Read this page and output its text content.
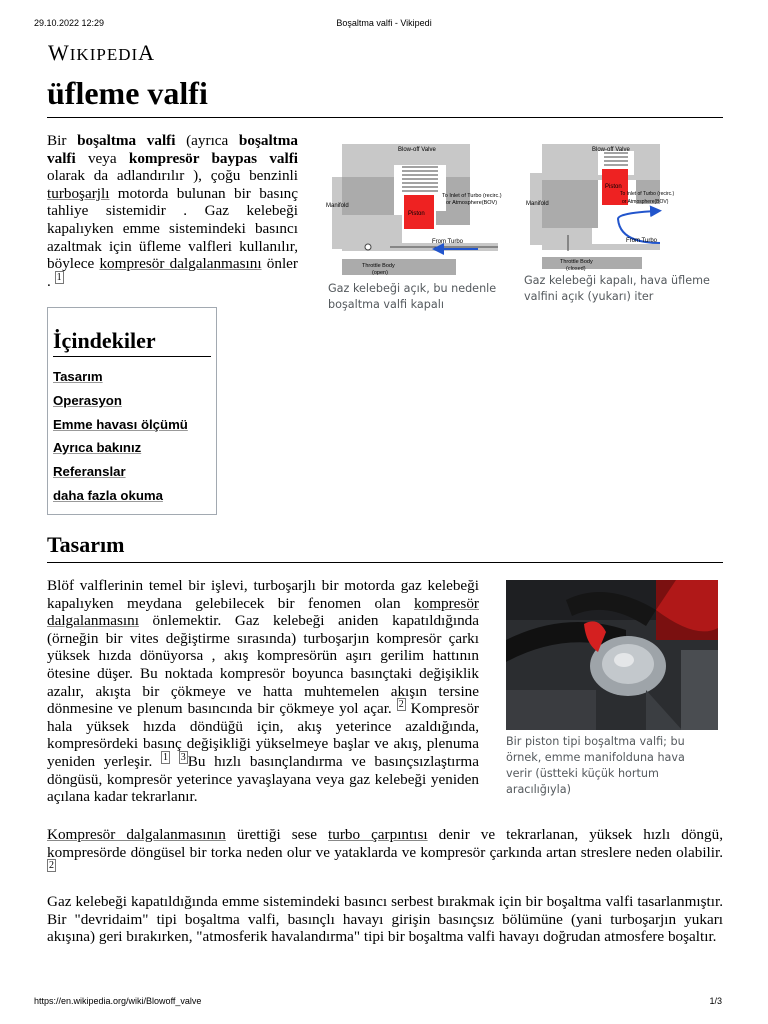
29.10.2022 12:29	Boşaltma valfi - Vikipedi
https://en.wikipedia.org/wiki/Blowoff_valve	1/3
WIKIPEDIA
üfleme valfi

Bir boşaltma valfi (ayrıca boşaltma valfi veya kompresör baypas valfi olarak da adlandırılır ), çoğu benzinli turboşarjlı motorda bulunan bir basınç tahliye sistemidir . Gaz kelebeği kapalıyken emme sistemindeki basıncı azaltmak için üfleme valfleri kullanılır, böylece kompresör dalgalanmasını önler . $^1$

Blow-off Valve
Manifold
Piston
To Inlet of Turbo (recirc.)
or Atmosphere(BOV)
From Turbo
Throttle Body
(open)
Gaz kelebeği açık, bu nedenle boşaltma valfi kapalı
Blow-off Valve
Manifold
Piston
To Inlet of Turbo (recirc.)
or Atmosphere(BOV)
From Turbo
Throttle Body
(closed)
Gaz kelebeği kapalı, hava üfleme valfini açık (yukarı) iter
İçindekiler
Tasarım
Operasyon
Emme havası ölçümü
Ayrıca bakınız
Referanslar
daha fazla okuma
Tasarım
Bir piston tipi boşaltma valfi; bu örnek, emme manifolduna hava verir (üstteki küçük hortum aracılığıyla)

Blöf valflerinin temel bir işlevi, turboşarjlı bir motorda gaz kelebeği kapalıyken meydana gelebilecek bir fenomen olan kompresör dalgalanmasını önlemektir. Gaz kelebeği aniden kapatıldığında (örneğin bir vites değiştirme sırasında) turboşarjın kompresör çarkı yüksek hızda dönüyorsa , akış kompresörün aşırı gerilim hattının ötesine düşer. Bu noktada kompresör boyunca basınçtaki değişiklik azalır, akışta bir çökmeye ve hatta muhtemelen akışın tersine dönmesine ve plenum basıncında bir çökmeye yol açar. $^2$ Kompresör hala yüksek hızda döndüğü için, akış yeterince azaldığında, kompresördeki basınç değişikliği yükselmeye başlar ve akış, plenuma yeniden yerleşir. $^1$ $^3$ Bu hızlı basınçlandırma ve basınçsızlaştırma döngüsü, kompresör yeterince yavaşlayana veya gaz kelebeği yeniden açılana kadar tekrarlanır.

Kompresör dalgalanmasının ürettiği sese turbo çarpıntısı denir ve tekrarlanan, yüksek hızlı döngü, kompresörde döngüsel bir torka neden olur ve yataklarda ve kompresör çarkında artan streslere neden olabilir. $^2$

Gaz kelebeği kapatıldığında emme sistemindeki basıncı serbest bırakmak için bir boşaltma valfi tasarlanmıştır. Bir "devridaim" tipi boşaltma valfi, basınçlı havayı girişin basınçsız bölümüne (yani turboşarjın yukarı akışına) geri bırakırken, "atmosferik havalandırma" tipi bir boşaltma valfi havayı doğrudan atmosfere boşaltır.
